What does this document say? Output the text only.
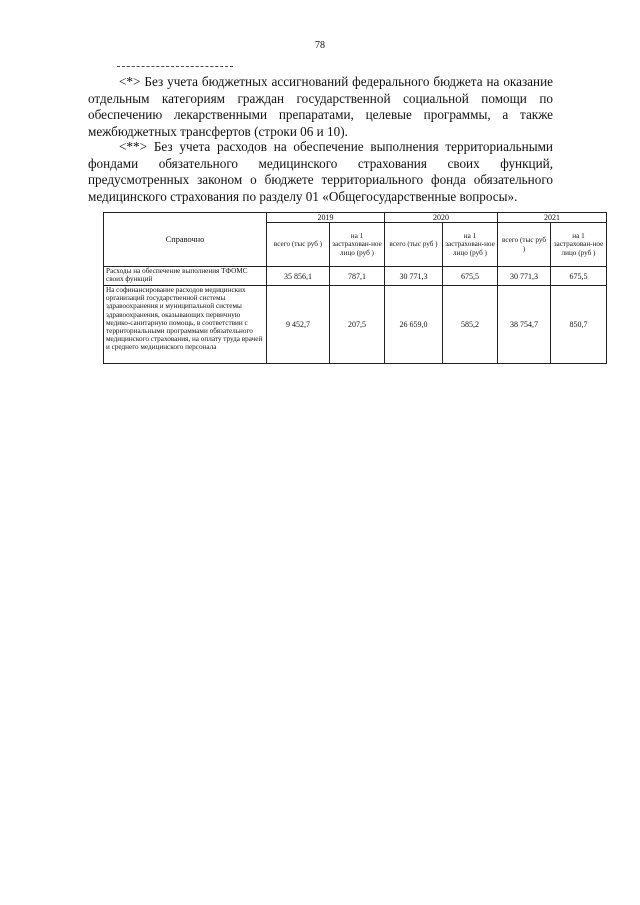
78

<*> Без учета бюджетных ассигнований федерального бюджета на оказание отдельным категориям граждан государственной социальной помощи по обеспечению лекарственными препаратами, целевые программы, а также межбюджетных трансфертов (строки 06 и 10).

<**> Без учета расходов на обеспечение выполнения территориальными фондами обязательного медицинского страхования своих функций, предусмотренных законом о бюджете территориального фонда обязательного медицинского страхования по разделу 01 «Общегосударственные вопросы».

Справочно	2019		2020		2021	
	всего (тыс руб )	на 1 застрахован-ное лицо (руб )	всего (тыс руб )	на 1 застрахован-ное лицо (руб )	всего (тыс руб )	на 1 застрахован-ное лицо (руб )
Расходы на обеспечение выполнения ТФОМС своих функций	35 856,1	787,1	30 771,3	675,5	30 771,3	675,5
На софинансирование расходов медицинских организаций государственной системы здравоохранения и муниципальной системы здравоохранения, оказывающих первичную медико-санитарную помощь, в соответствии с территориальными программами обязательного медицинского страхования, на оплату труда врачей и среднего медицинского персонала	9 452,7	207,5	26 659,0	585,2	38 754,7	850,7
